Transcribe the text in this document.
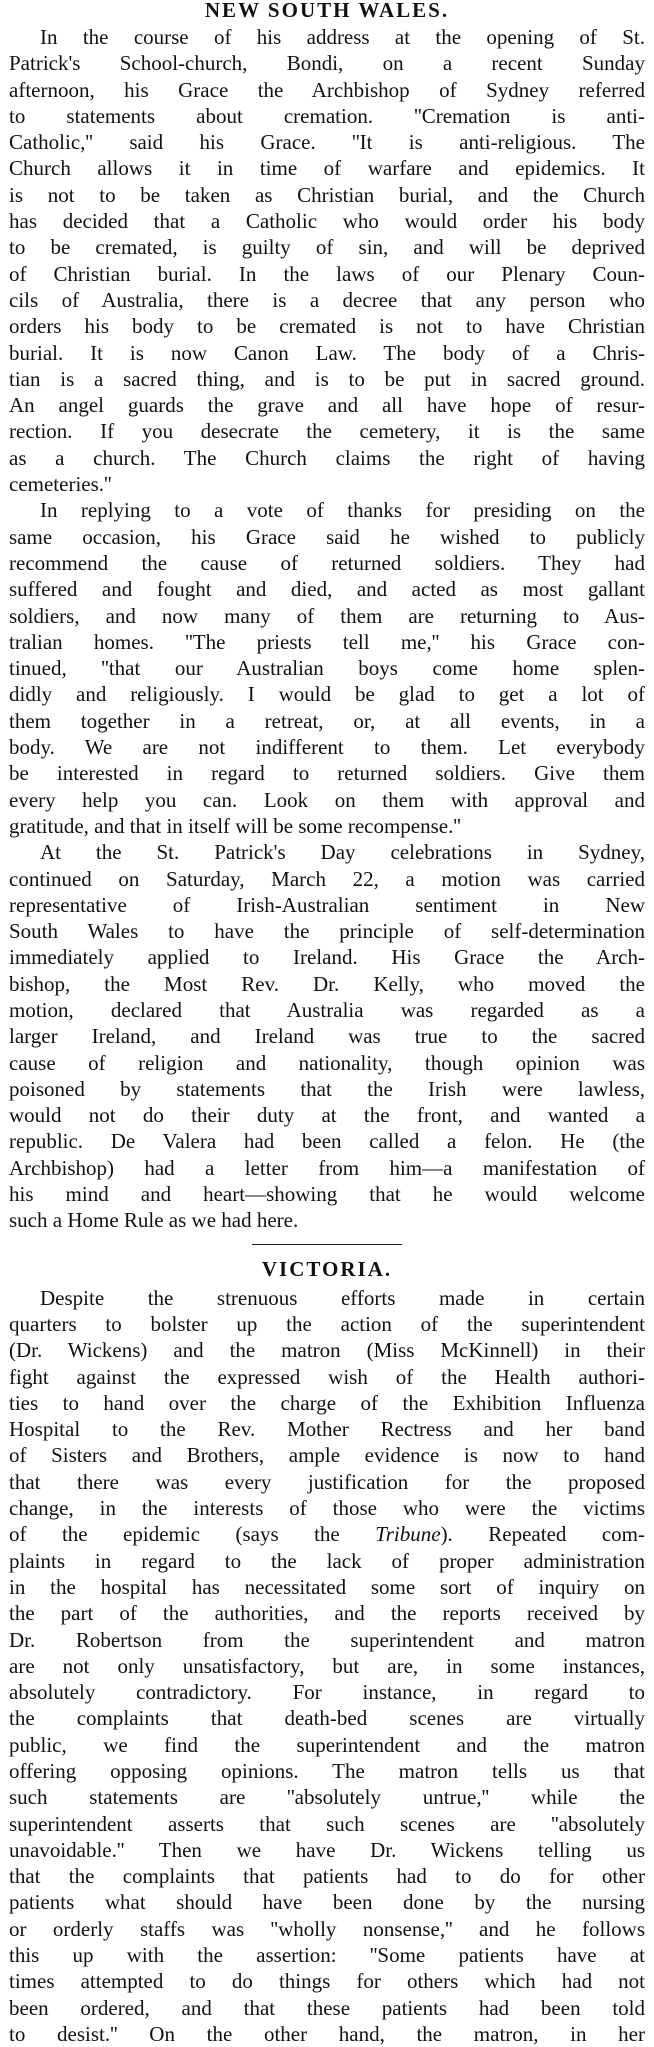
NEW SOUTH WALES.
In the course of his address at the opening of St.
Patrick's School-church, Bondi, on a recent Sunday
afternoon, his Grace the Archbishop of Sydney referred
to statements about cremation. ''Cremation is anti-
Catholic,'' said his Grace. ''It is anti-religious. The
Church allows it in time of warfare and epidemics. It
is not to be taken as Christian burial, and the Church
has decided that a Catholic who would order his body
to be cremated, is guilty of sin, and will be deprived
of Christian burial. In the laws of our Plenary Coun-
cils of Australia, there is a decree that any person who
orders his body to be cremated is not to have Christian
burial. It is now Canon Law. The body of a Chris-
tian is a sacred thing, and is to be put in sacred ground.
An angel guards the grave and all have hope of resur-
rection. If you desecrate the cemetery, it is the same
as a church. The Church claims the right of having
cemeteries.''
In replying to a vote of thanks for presiding on the
same occasion, his Grace said he wished to publicly
recommend the cause of returned soldiers. They had
suffered and fought and died, and acted as most gallant
soldiers, and now many of them are returning to Aus-
tralian homes. ''The priests tell me,'' his Grace con-
tinued, ''that our Australian boys come home splen-
didly and religiously. I would be glad to get a lot of
them together in a retreat, or, at all events, in a
body. We are not indifferent to them. Let everybody
be interested in regard to returned soldiers. Give them
every help you can. Look on them with approval and
gratitude, and that in itself will be some recompense.''
At the St. Patrick's Day celebrations in Sydney,
continued on Saturday, March 22, a motion was carried
representative of Irish-Australian sentiment in New
South Wales to have the principle of self-determination
immediately applied to Ireland. His Grace the Arch-
bishop, the Most Rev. Dr. Kelly, who moved the
motion, declared that Australia was regarded as a
larger Ireland, and Ireland was true to the sacred
cause of religion and nationality, though opinion was
poisoned by statements that the Irish were lawless,
would not do their duty at the front, and wanted a
republic. De Valera had been called a felon. He (the
Archbishop) had a letter from him—a manifestation of
his mind and heart—showing that he would welcome
such a Home Rule as we had here.
VICTORIA.
Despite the strenuous efforts made in certain
quarters to bolster up the action of the superintendent
(Dr. Wickens) and the matron (Miss McKinnell) in their
fight against the expressed wish of the Health authori-
ties to hand over the charge of the Exhibition Influenza
Hospital to the Rev. Mother Rectress and her band
of Sisters and Brothers, ample evidence is now to hand
that there was every justification for the proposed
change, in the interests of those who were the victims
of the epidemic (says the Tribune). Repeated com-
plaints in regard to the lack of proper administration
in the hospital has necessitated some sort of inquiry on
the part of the authorities, and the reports received by
Dr. Robertson from the superintendent and matron
are not only unsatisfactory, but are, in some instances,
absolutely contradictory. For instance, in regard to
the complaints that death-bed scenes are virtually
public, we find the superintendent and the matron
offering opposing opinions. The matron tells us that
such statements are ''absolutely untrue,'' while the
superintendent asserts that such scenes are ''absolutely
unavoidable.'' Then we have Dr. Wickens telling us
that the complaints that patients had to do for other
patients what should have been done by the nursing
or orderly staffs was ''wholly nonsense,'' and he follows
this up with the assertion: ''Some patients have at
times attempted to do things for others which had not
been ordered, and that these patients had been told
to desist.'' On the other hand, the matron, in her
